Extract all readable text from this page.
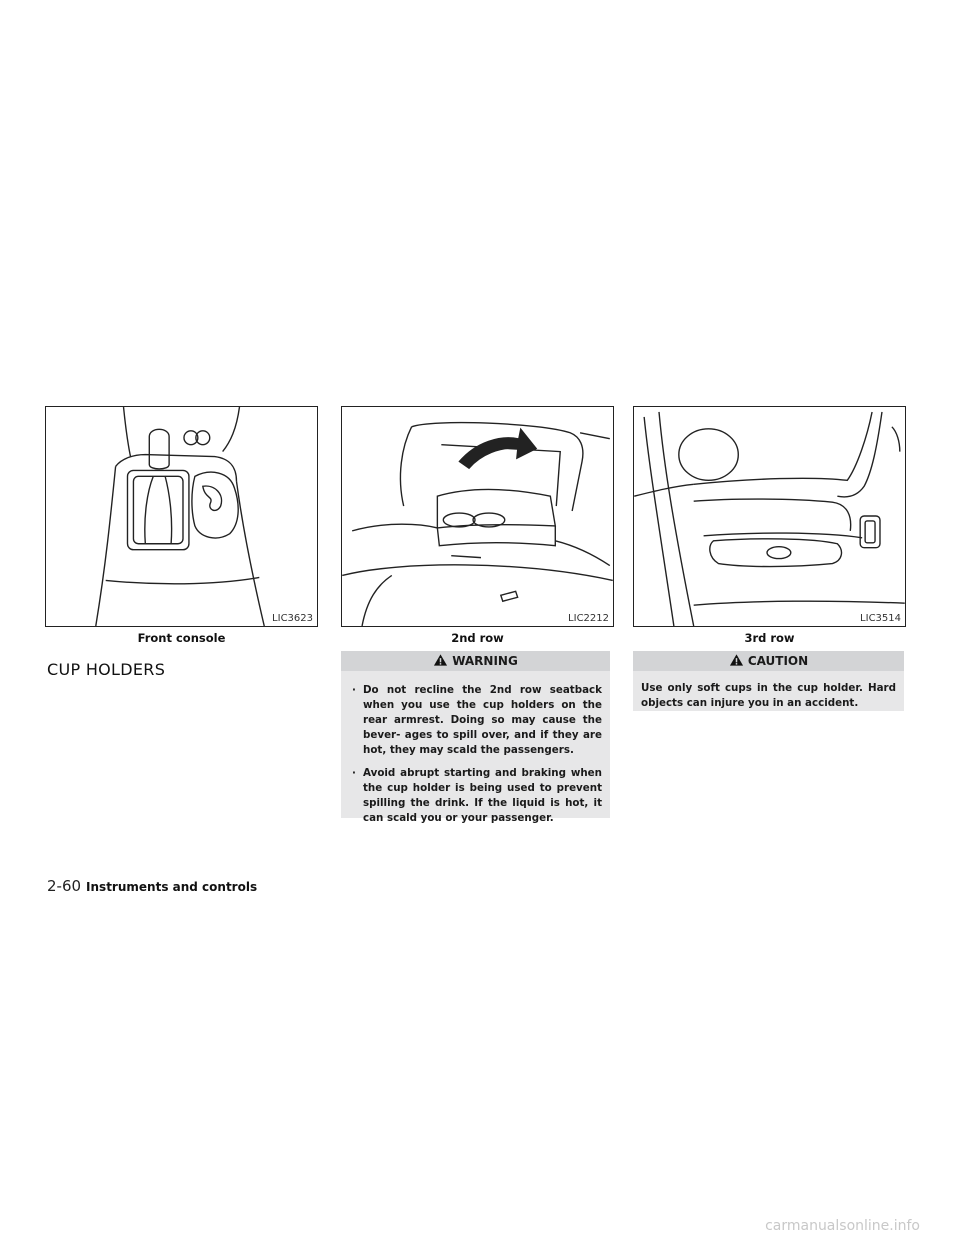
LIC3623
Front console
LIC2212
2nd row
LIC3514
3rd row
CUP HOLDERS	WARNING
· Do not recline the 2nd row seatback when you use the cup holders on the rear armrest. Doing so may cause the bever- ages to spill over, and if they are hot, they may scald the passengers.
· Avoid abrupt starting and braking when the cup holder is being used to prevent spilling the drink. If the liquid is hot, it can scald you or your passenger.
CAUTION

Use only soft cups in the cup holder. Hard objects can injure you in an accident.

2-60 Instruments and controls
carmanualsonline.info
